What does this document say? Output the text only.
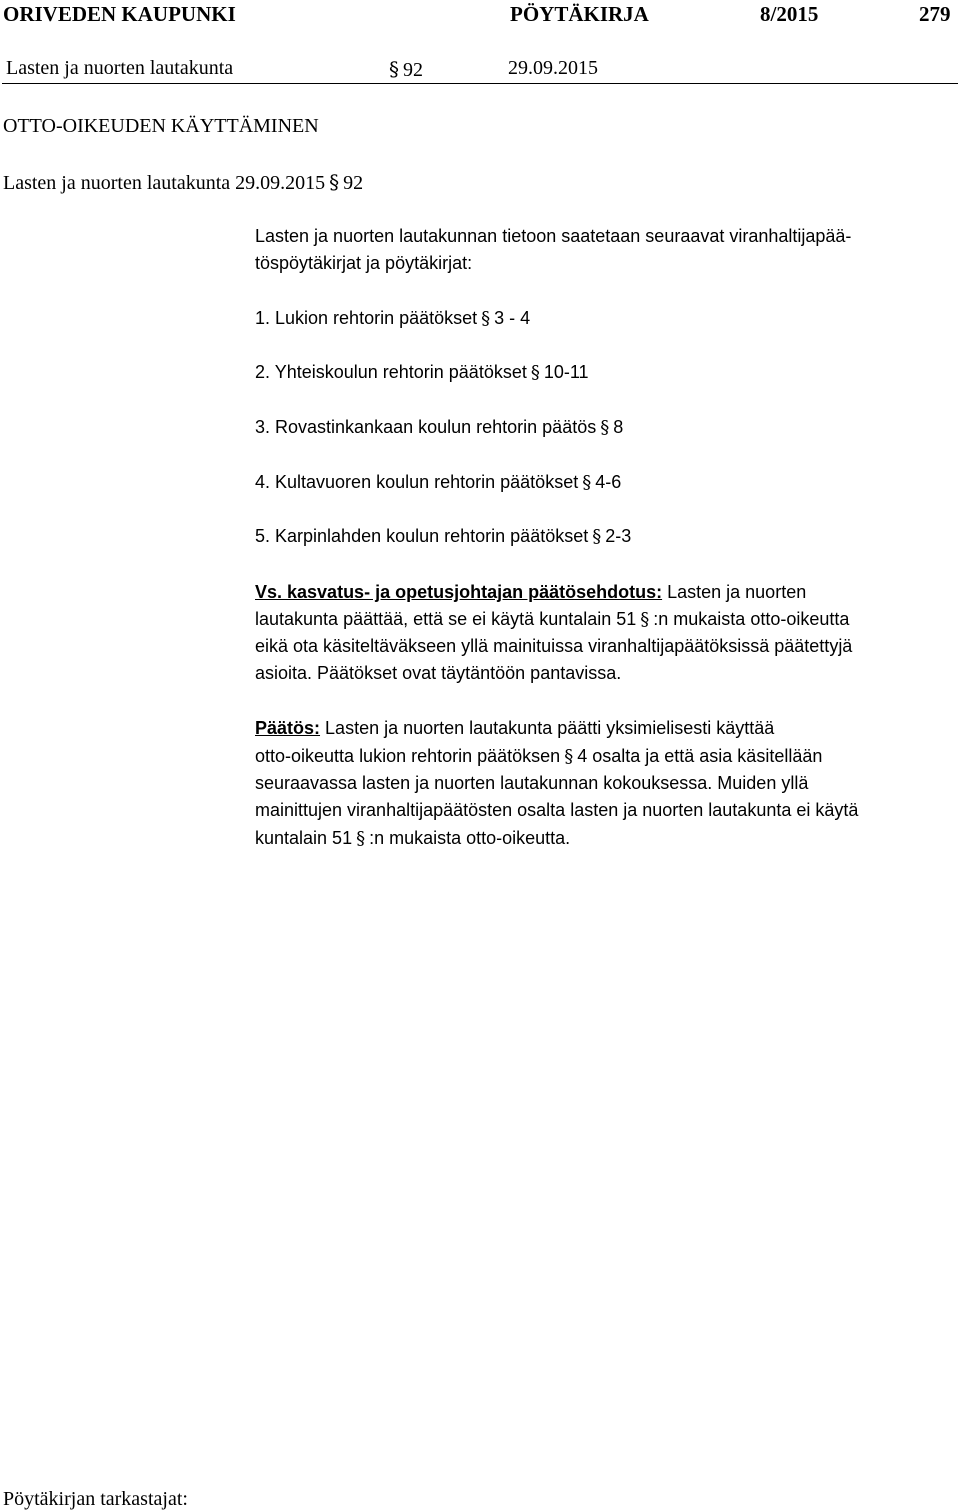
ORIVEDEN KAUPUNKI	PÖYTÄKIRJA	8/2015	279
Lasten ja nuorten lautakunta	§ 92	29.09.2015
OTTO-OIKEUDEN KÄYTTÄMINEN
Lasten ja nuorten lautakunta 29.09.2015 § 92
Lasten ja nuorten lautakunnan tietoon saatetaan seuraavat viranhaltijapää-
töspöytäkirjat ja pöytäkirjat:
1. Lukion rehtorin päätökset § 3 - 4
2. Yhteiskoulun rehtorin päätökset § 10-11
3. Rovastinkankaan koulun rehtorin päätös § 8
4. Kultavuoren koulun rehtorin päätökset § 4-6
5. Karpinlahden koulun rehtorin päätökset § 2-3
Vs. kasvatus- ja opetusjohtajan päätösehdotus: Lasten ja nuorten
lautakunta päättää, että se ei käytä kuntalain 51 § :n mukaista otto-oikeutta
eikä ota käsiteltäväkseen yllä mainituissa viranhaltijapäätöksissä päätettyjä
asioita. Päätökset ovat täytäntöön pantavissa.
Päätös: Lasten ja nuorten lautakunta päätti yksimielisesti käyttää
otto-oikeutta lukion rehtorin päätöksen § 4 osalta ja että asia käsitellään
seuraavassa lasten ja nuorten lautakunnan kokouksessa. Muiden yllä
mainittujen viranhaltijapäätösten osalta lasten ja nuorten lautakunta ei käytä
kuntalain 51 § :n mukaista otto-oikeutta.
Pöytäkirjan tarkastajat:
